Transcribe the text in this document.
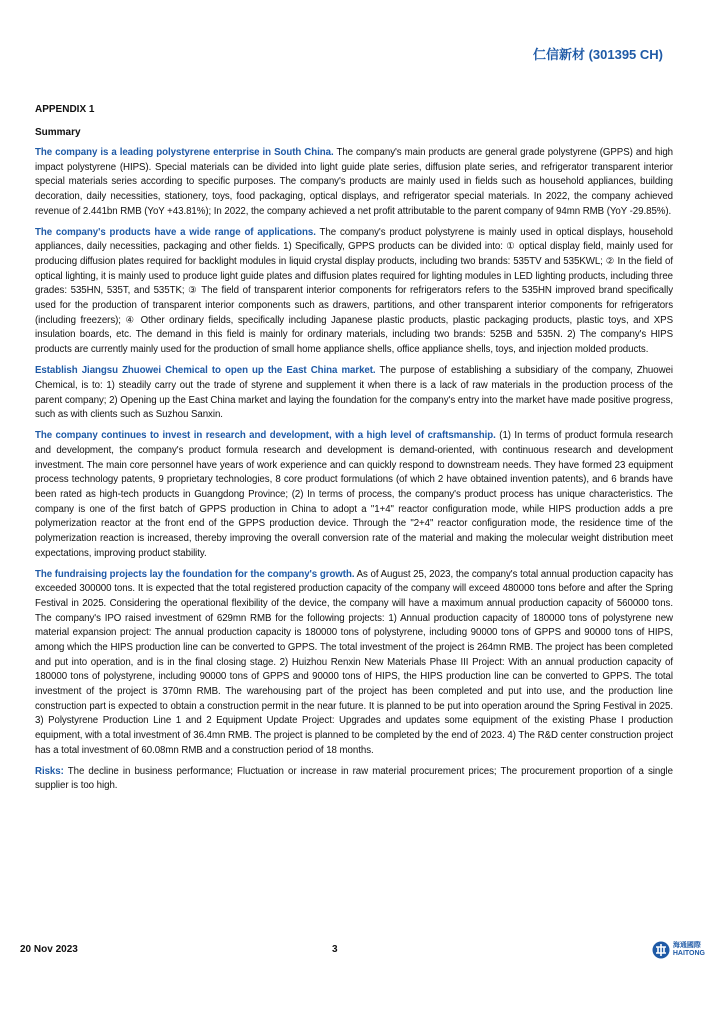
仁信新材 (301395 CH)
APPENDIX 1
Summary

The company is a leading polystyrene enterprise in South China. The company's main products are general grade polystyrene (GPPS) and high impact polystyrene (HIPS). Special materials can be divided into light guide plate series, diffusion plate series, and refrigerator transparent interior special materials series according to specific purposes. The company's products are mainly used in fields such as household appliances, building decoration, daily necessities, stationery, toys, food packaging, optical displays, and refrigerator special materials. In 2022, the company achieved revenue of 2.441bn RMB (YoY +43.81%); In 2022, the company achieved a net profit attributable to the parent company of 94mn RMB (YoY -29.85%).

The company's products have a wide range of applications. The company's product polystyrene is mainly used in optical displays, household appliances, daily necessities, packaging and other fields. 1) Specifically, GPPS products can be divided into: ① optical display field, mainly used for producing diffusion plates required for backlight modules in liquid crystal display products, including two brands: 535TV and 535KWL; ② In the field of optical lighting, it is mainly used to produce light guide plates and diffusion plates required for lighting modules in LED lighting products, including three grades: 535HN, 535T, and 535TK; ③ The field of transparent interior components for refrigerators refers to the 535HN improved brand specifically used for the production of transparent interior components such as drawers, partitions, and other transparent interior components for refrigerators (including freezers); ④ Other ordinary fields, specifically including Japanese plastic products, plastic packaging products, plastic toys, and XPS insulation boards, etc. The demand in this field is mainly for ordinary materials, including two brands: 525B and 535N. 2) The company's HIPS products are currently mainly used for the production of small home appliance shells, office appliance shells, toys, and injection molded products.

Establish Jiangsu Zhuowei Chemical to open up the East China market. The purpose of establishing a subsidiary of the company, Zhuowei Chemical, is to: 1) steadily carry out the trade of styrene and supplement it when there is a lack of raw materials in the production process of the parent company; 2) Opening up the East China market and laying the foundation for the company's entry into the market have made positive progress, such as with clients such as Suzhou Sanxin.

The company continues to invest in research and development, with a high level of craftsmanship. (1) In terms of product formula research and development, the company's product formula research and development is demand-oriented, with continuous research and development investment. The main core personnel have years of work experience and can quickly respond to downstream needs. They have formed 23 equipment process technology patents, 9 proprietary technologies, 8 core product formulations (of which 2 have obtained invention patents), and 6 brands have been rated as high-tech products in Guangdong Province; (2) In terms of process, the company's product process has unique characteristics. The company is one of the first batch of GPPS production in China to adopt a "1+4" reactor configuration mode, while HIPS production adds a pre polymerization reactor at the front end of the GPPS production device. Through the "2+4" reactor configuration mode, the residence time of the polymerization reaction is increased, thereby improving the overall conversion rate of the material and making the molecular weight distribution meet expectations, improving product stability.

The fundraising projects lay the foundation for the company's growth. As of August 25, 2023, the company's total annual production capacity has exceeded 300000 tons. It is expected that the total registered production capacity of the company will exceed 480000 tons before and after the Spring Festival in 2025. Considering the operational flexibility of the device, the company will have a maximum annual production capacity of 560000 tons. The company's IPO raised investment of 629mn RMB for the following projects: 1) Annual production capacity of 180000 tons of polystyrene new material expansion project: The annual production capacity is 180000 tons of polystyrene, including 90000 tons of GPPS and 90000 tons of HIPS, among which the HIPS production line can be converted to GPPS. The total investment of the project is 264mn RMB. The project has been completed and put into operation, and is in the final closing stage. 2) Huizhou Renxin New Materials Phase III Project: With an annual production capacity of 180000 tons of polystyrene, including 90000 tons of GPPS and 90000 tons of HIPS, the HIPS production line can be converted to GPPS. The total investment of the project is 370mn RMB. The warehousing part of the project has been completed and put into use, and the production line construction part is expected to obtain a construction permit in the near future. It is planned to be put into operation around the Spring Festival in 2025. 3) Polystyrene Production Line 1 and 2 Equipment Update Project: Upgrades and updates some equipment of the existing Phase I production equipment, with a total investment of 36.4mn RMB. The project is planned to be completed by the end of 2023. 4) The R&D center construction project has a total investment of 60.08mn RMB and a construction period of 18 months.

Risks: The decline in business performance; Fluctuation or increase in raw material procurement prices; The procurement proportion of a single supplier is too high.

20 Nov 2023	3	海通國際
HAITONG
